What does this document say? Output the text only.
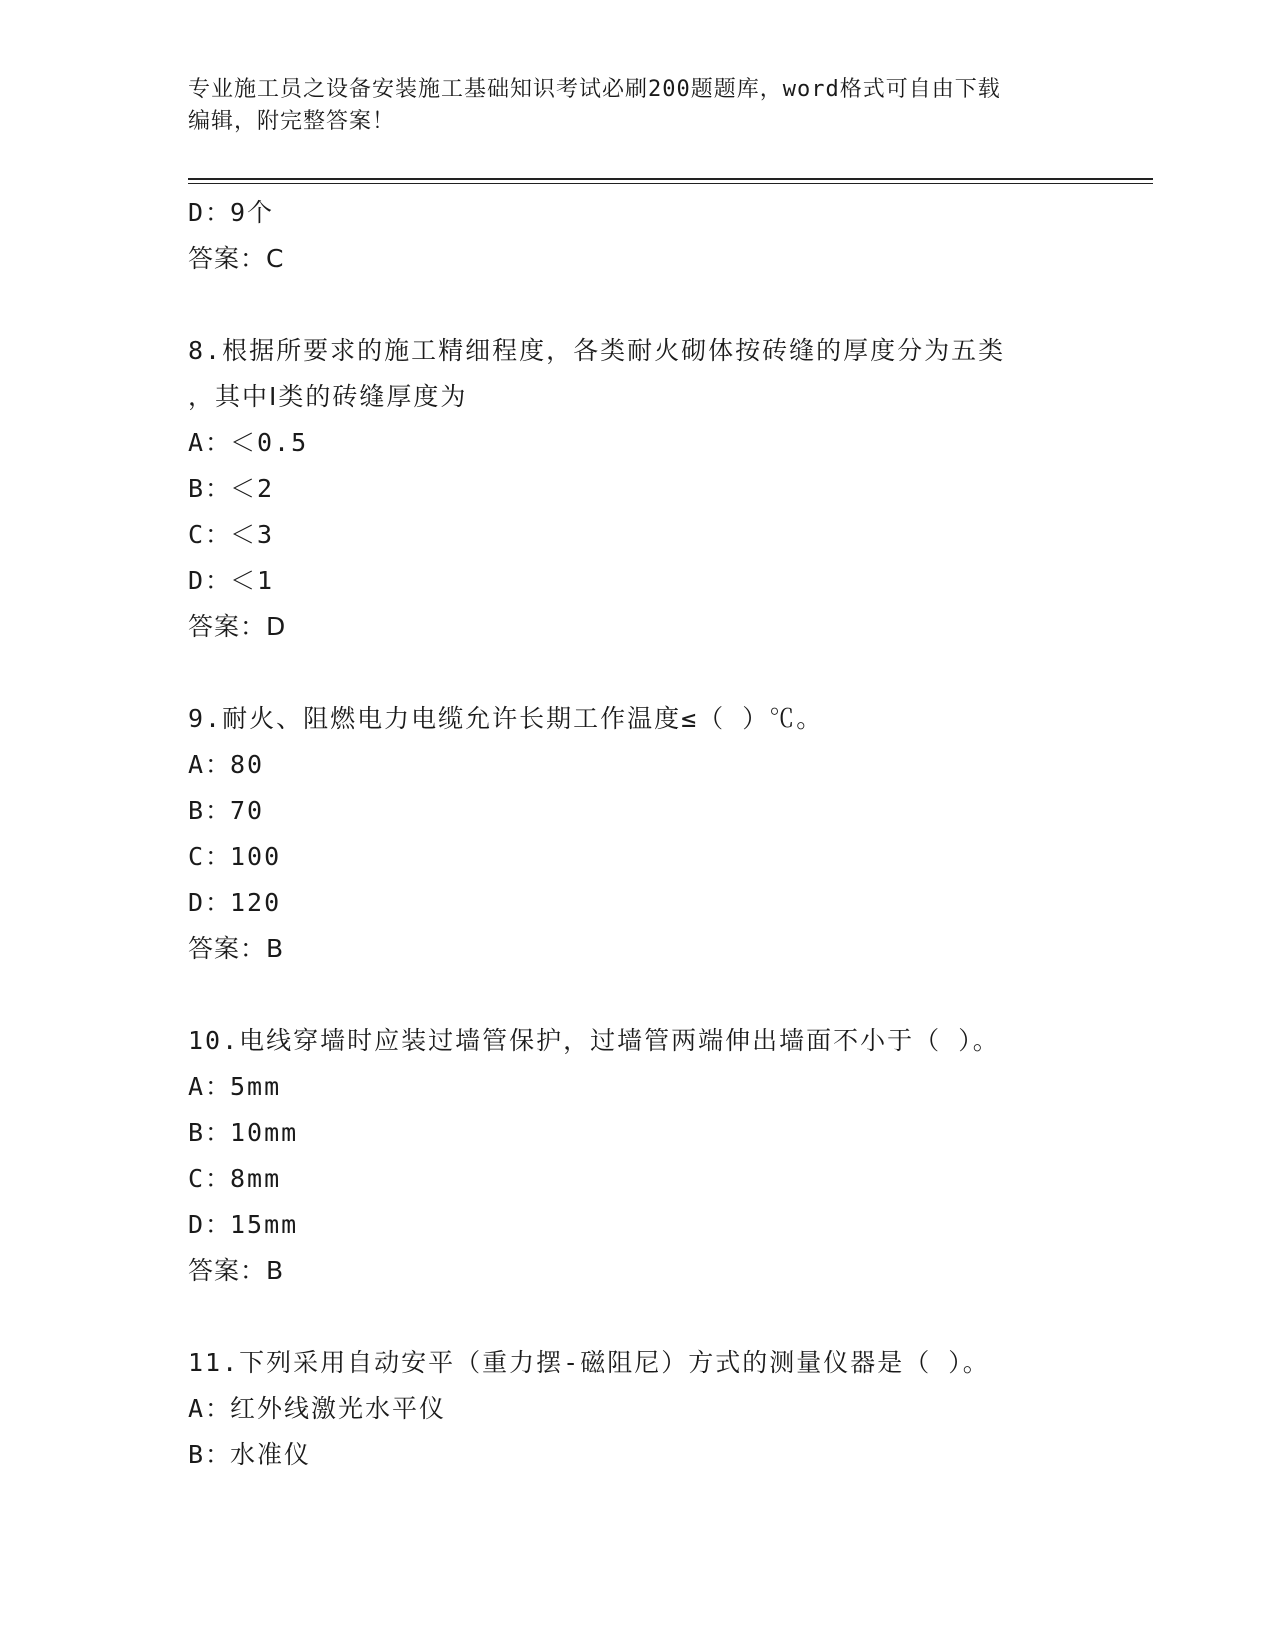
专业施工员之设备安装施工基础知识考试必刷200题题库，word格式可自由下载
编辑，附完整答案！
D：9个
答案：C
8.根据所要求的施工精细程度，各类耐火砌体按砖缝的厚度分为五类
，其中Ⅰ类的砖缝厚度为
A：＜0.5
B：＜2
C：＜3
D：＜1
答案：D
9.耐火、阻燃电力电缆允许长期工作温度≤（ ）℃。
A：80
B：70
C：100
D：120
答案：B
10.电线穿墙时应装过墙管保护，过墙管两端伸出墙面不小于（ ）。
A：5mm
B：10mm
C：8mm
D：15mm
答案：B
11.下列采用自动安平（重力摆-磁阻尼）方式的测量仪器是（ ）。
A：红外线激光水平仪
B：水准仪
